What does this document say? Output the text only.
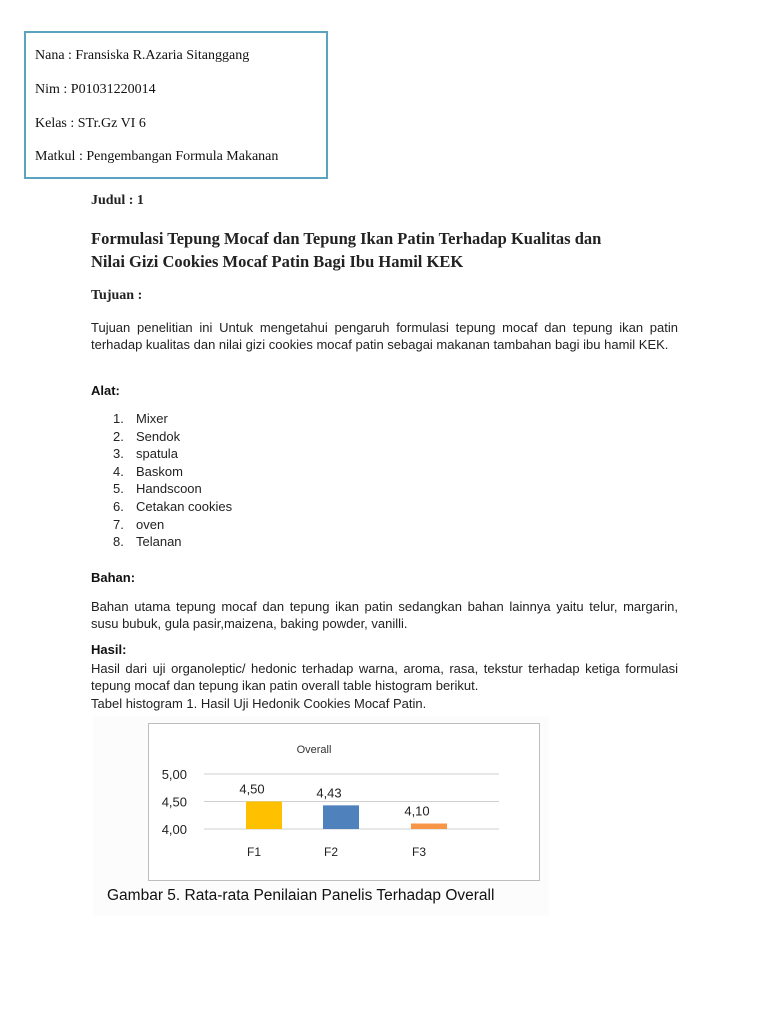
Nana : Fransiska R.Azaria Sitanggang
Nim : P01031220014
Kelas : STr.Gz VI 6
Matkul : Pengembangan Formula Makanan
Judul : 1
Formulasi Tepung Mocaf dan Tepung Ikan Patin Terhadap Kualitas dan
Nilai Gizi Cookies Mocaf Patin Bagi Ibu Hamil KEK
Tujuan :
Tujuan penelitian ini Untuk mengetahui pengaruh formulasi tepung mocaf dan tepung ikan patin terhadap kualitas dan nilai gizi cookies mocaf patin sebagai makanan tambahan bagi ibu hamil KEK.
Alat:
1. Mixer
2. Sendok
3. spatula
4. Baskom
5. Handscoon
6. Cetakan cookies
7. oven
8. Telanan
Bahan:
Bahan utama tepung mocaf dan tepung ikan patin sedangkan bahan lainnya yaitu telur, margarin, susu bubuk, gula pasir,maizena, baking powder, vanilli.
Hasil:
Hasil dari uji organoleptic/ hedonic terhadap warna, aroma, rasa, tekstur terhadap ketiga formulasi tepung mocaf dan tepung ikan patin overall table histogram berikut.
Tabel histogram 1. Hasil Uji Hedonik Cookies Mocaf Patin.
Overall
5,00
4,50
4,00
4,50
F1
4,43
F2
4,10
F3
Gambar 5. Rata-rata Penilaian Panelis Terhadap Overall
